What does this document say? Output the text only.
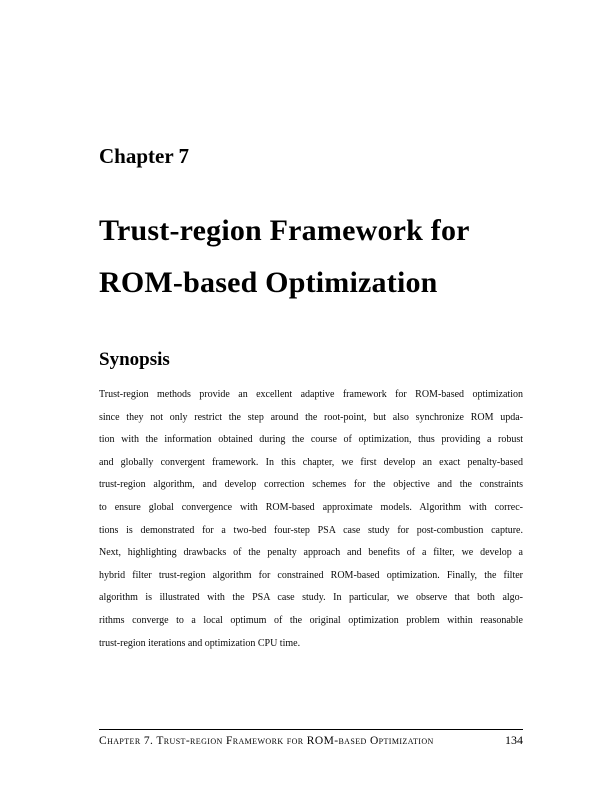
Chapter 7
Trust-region Framework for
ROM-based Optimization
Synopsis
Trust-region methods provide an excellent adaptive framework for ROM-based optimization
since they not only restrict the step around the root-point, but also synchronize ROM upda-
tion with the information obtained during the course of optimization, thus providing a robust
and globally convergent framework. In this chapter, we first develop an exact penalty-based
trust-region algorithm, and develop correction schemes for the objective and the constraints
to ensure global convergence with ROM-based approximate models. Algorithm with correc-
tions is demonstrated for a two-bed four-step PSA case study for post-combustion capture.
Next, highlighting drawbacks of the penalty approach and benefits of a filter, we develop a
hybrid filter trust-region algorithm for constrained ROM-based optimization. Finally, the filter
algorithm is illustrated with the PSA case study. In particular, we observe that both algo-
rithms converge to a local optimum of the original optimization problem within reasonable
trust-region iterations and optimization CPU time.
Chapter 7. Trust-region Framework for ROM-based Optimization	134
